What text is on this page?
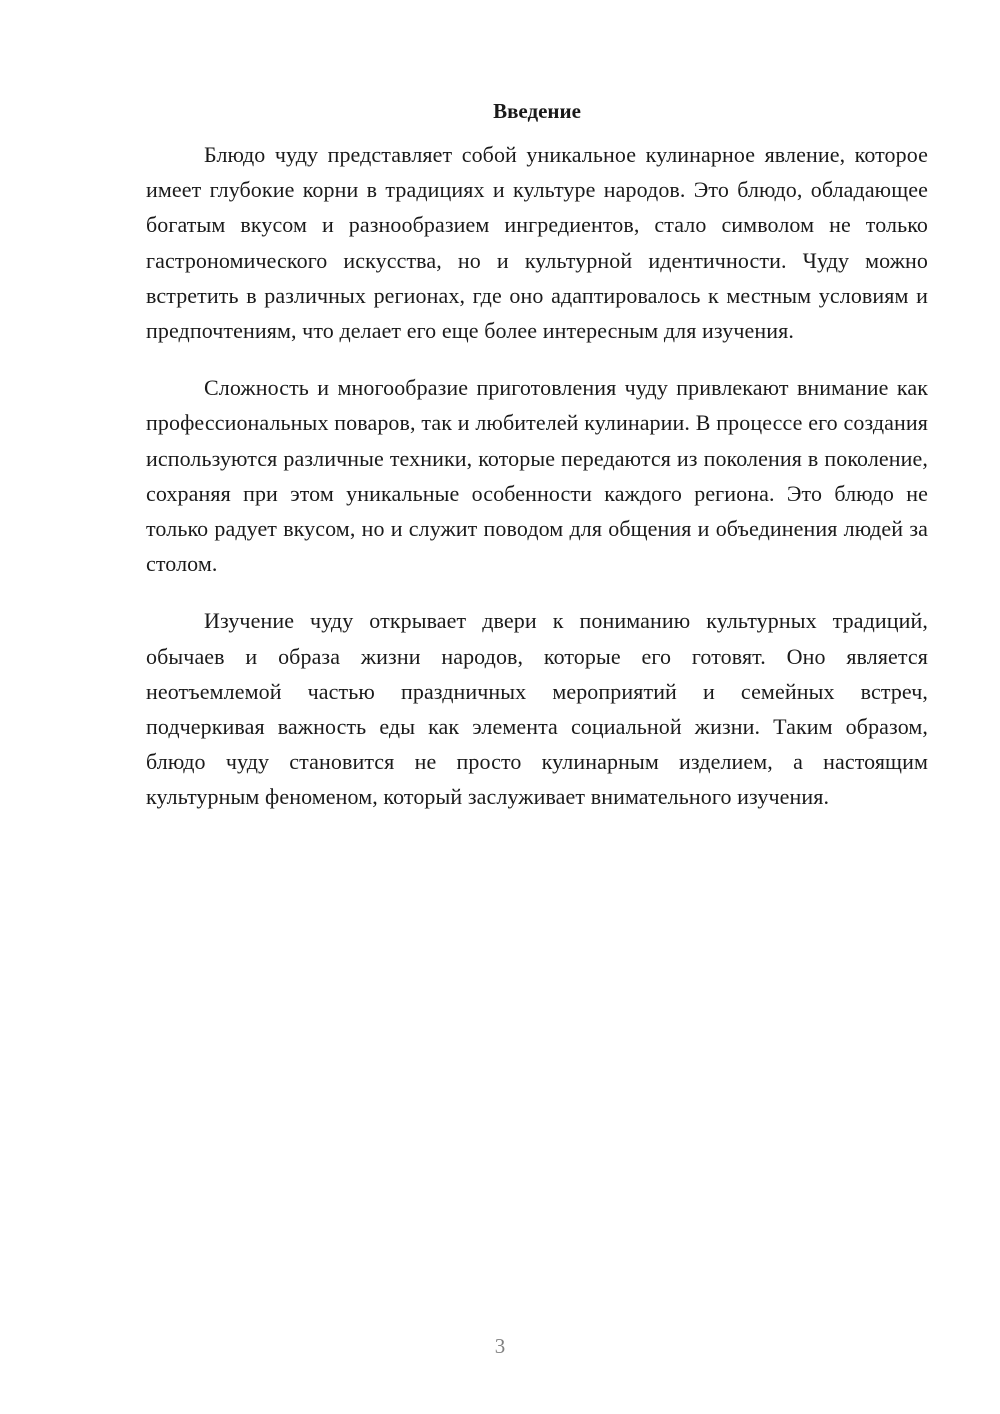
Введение

Блюдо чуду представляет собой уникальное кулинарное явление, которое имеет глубокие корни в традициях и культуре народов. Это блюдо, обладающее богатым вкусом и разнообразием ингредиентов, стало символом не только гастрономического искусства, но и культурной идентичности. Чуду можно встретить в различных регионах, где оно адаптировалось к местным условиям и предпочтениям, что делает его еще более интересным для изучения.

Сложность и многообразие приготовления чуду привлекают внимание как профессиональных поваров, так и любителей кулинарии. В процессе его создания используются различные техники, которые передаются из поколения в поколение, сохраняя при этом уникальные особенности каждого региона. Это блюдо не только радует вкусом, но и служит поводом для общения и объединения людей за столом.

Изучение чуду открывает двери к пониманию культурных традиций, обычаев и образа жизни народов, которые его готовят. Оно является неотъемлемой частью праздничных мероприятий и семейных встреч, подчеркивая важность еды как элемента социальной жизни. Таким образом, блюдо чуду становится не просто кулинарным изделием, а настоящим культурным феноменом, который заслуживает внимательного изучения.

3
